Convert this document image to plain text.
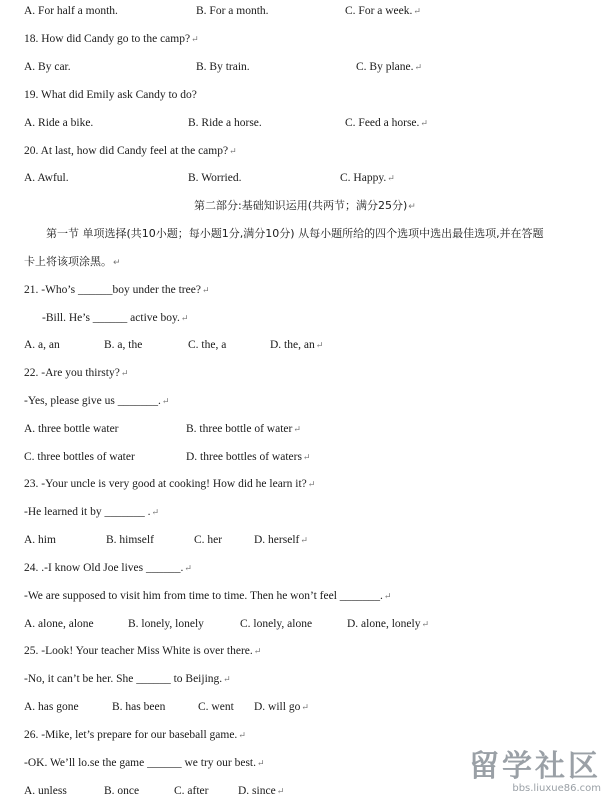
A. For half a month.	B. For a month.	C. For a week.↵
18. How did Candy go to the camp?↵
A. By car.	B. By train.	C. By plane.↵
19. What did Emily ask Candy to do?
A. Ride a bike.	B. Ride a horse.	C. Feed a horse.↵
20. At last, how did Candy feel at the camp?↵
A. Awful.	B. Worried.	C. Happy.↵
第二部分:基础知识运用(共两节；满分25分)↵
第一节 单项选择(共10小题；每小题1分,满分10分) 从每小题所给的四个选项中选出最佳选项,并在答题
卡上将该项涂黑。↵
21. -Who’s ______boy under the tree?↵
-Bill. He’s ______ active boy.↵
A. a, an	B. a, the	C. the, a	D. the, an↵
22. -Are you thirsty?↵
-Yes, please give us _______.↵
A. three bottle water	B. three bottle of water↵
C. three bottles of water	D. three bottles of waters↵
23. -Your uncle is very good at cooking! How did he learn it?↵
-He learned it by _______ .↵
A. him	B. himself	C. her	D. herself↵
24. .-I know Old Joe lives ______.↵
-We are supposed to visit him from time to time. Then he won’t feel _______.↵
A. alone, alone	B. lonely, lonely	C. lonely, alone	D. alone, lonely↵
25. -Look! Your teacher Miss White is over there.↵
-No, it can’t be her. She ______ to Beijing.↵
A. has gone	B. has been	C. went D. will go↵
26. -Mike, let’s prepare for our baseball game.↵
-OK. We’ll lo.se the game ______ we try our best.↵
A. unless	B. once	C. after	D. since↵
留学社区
bbs.liuxue86.com
